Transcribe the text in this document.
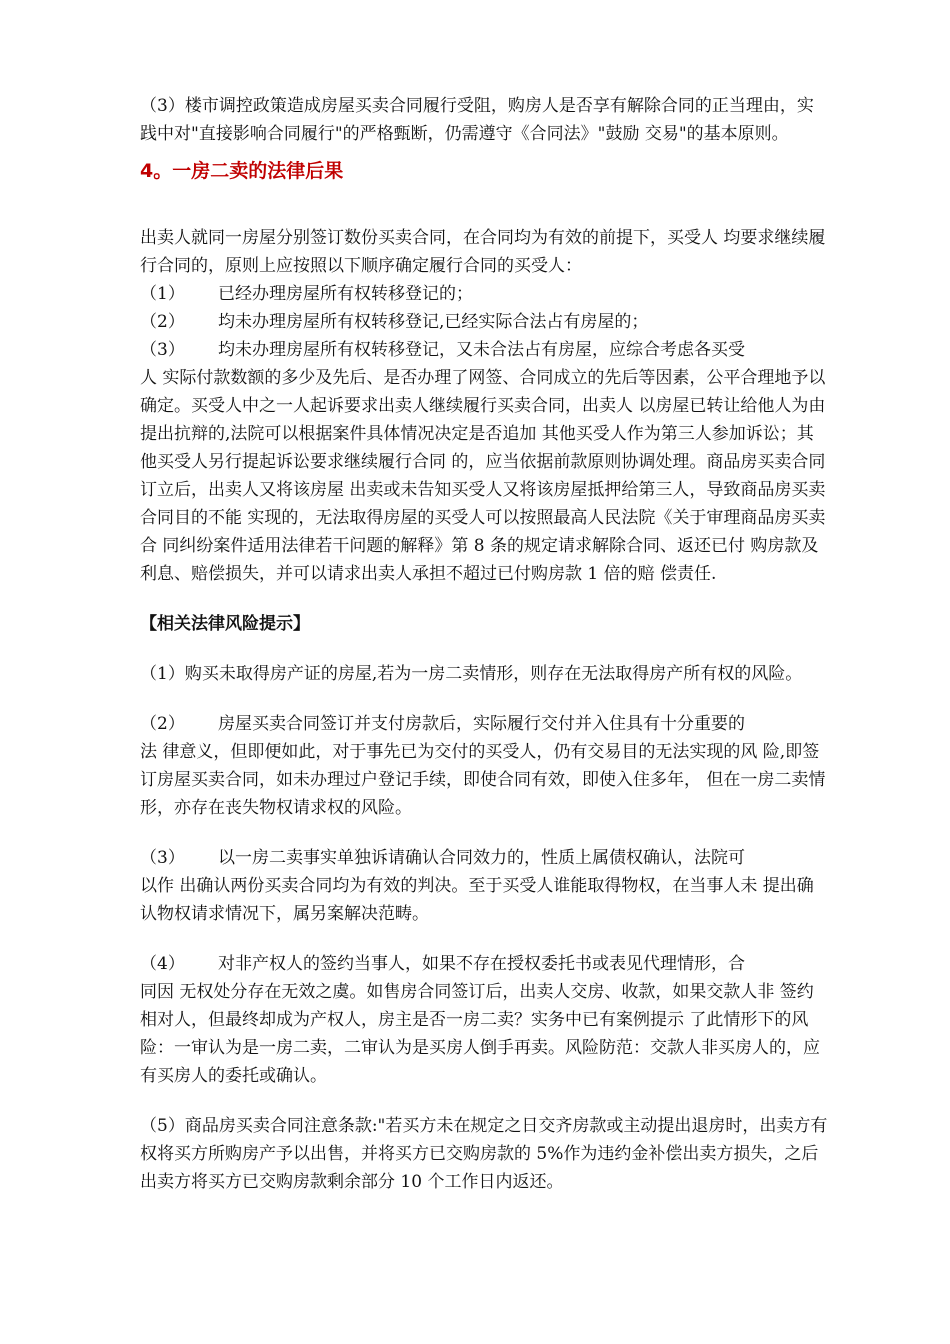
（3）楼市调控政策造成房屋买卖合同履行受阻，购房人是否享有解除合同的正当理由，实践中对"直接影响合同履行"的严格甄断，仍需遵守《合同法》"鼓励 交易"的基本原则。

4。一房二卖的法律后果

出卖人就同一房屋分别签订数份买卖合同，在合同均为有效的前提下，买受人 均要求继续履行合同的，原则上应按照以下顺序确定履行合同的买受人：

（1）	已经办理房屋所有权转移登记的；
（2）	均未办理房屋所有权转移登记,已经实际合法占有房屋的；
（3）	均未办理房屋所有权转移登记，又未合法占有房屋，应综合考虑各买受

人 实际付款数额的多少及先后、是否办理了网签、合同成立的先后等因素，公平合理地予以确定。买受人中之一人起诉要求出卖人继续履行买卖合同，出卖人 以房屋已转让给他人为由提出抗辩的,法院可以根据案件具体情况决定是否追加 其他买受人作为第三人参加诉讼；其他买受人另行提起诉讼要求继续履行合同 的，应当依据前款原则协调处理。商品房买卖合同订立后，出卖人又将该房屋 出卖或未告知买受人又将该房屋抵押给第三人，导致商品房买卖合同目的不能 实现的，无法取得房屋的买受人可以按照最高人民法院《关于审理商品房买卖合 同纠纷案件适用法律若干问题的解释》第 8 条的规定请求解除合同、返还已付 购房款及利息、赔偿损失，并可以请求出卖人承担不超过已付购房款 1 倍的赔 偿责任.

【相关法律风险提示】

（1）购买未取得房产证的房屋,若为一房二卖情形，则存在无法取得房产所有权的风险。

（2）	房屋买卖合同签订并支付房款后，实际履行交付并入住具有十分重要的

法 律意义，但即便如此，对于事先已为交付的买受人，仍有交易目的无法实现的风 险,即签订房屋买卖合同，如未办理过户登记手续，即使合同有效，即使入住多年， 但在一房二卖情形，亦存在丧失物权请求权的风险。

（3）	以一房二卖事实单独诉请确认合同效力的，性质上属债权确认，法院可

以作 出确认两份买卖合同均为有效的判决。至于买受人谁能取得物权，在当事人未 提出确认物权请求情况下，属另案解决范畴。

（4）	对非产权人的签约当事人，如果不存在授权委托书或表见代理情形，合

同因 无权处分存在无效之虞。如售房合同签订后，出卖人交房、收款，如果交款人非 签约相对人，但最终却成为产权人，房主是否一房二卖？实务中已有案例提示 了此情形下的风险：一审认为是一房二卖，二审认为是买房人倒手再卖。风险防范：交款人非买房人的，应有买房人的委托或确认。

（5）商品房买卖合同注意条款:"若买方未在规定之日交齐房款或主动提出退房时，出卖方有权将买方所购房产予以出售，并将买方已交购房款的 5%作为违约金补偿出卖方损失，之后出卖方将买方已交购房款剩余部分 10 个工作日内返还。
